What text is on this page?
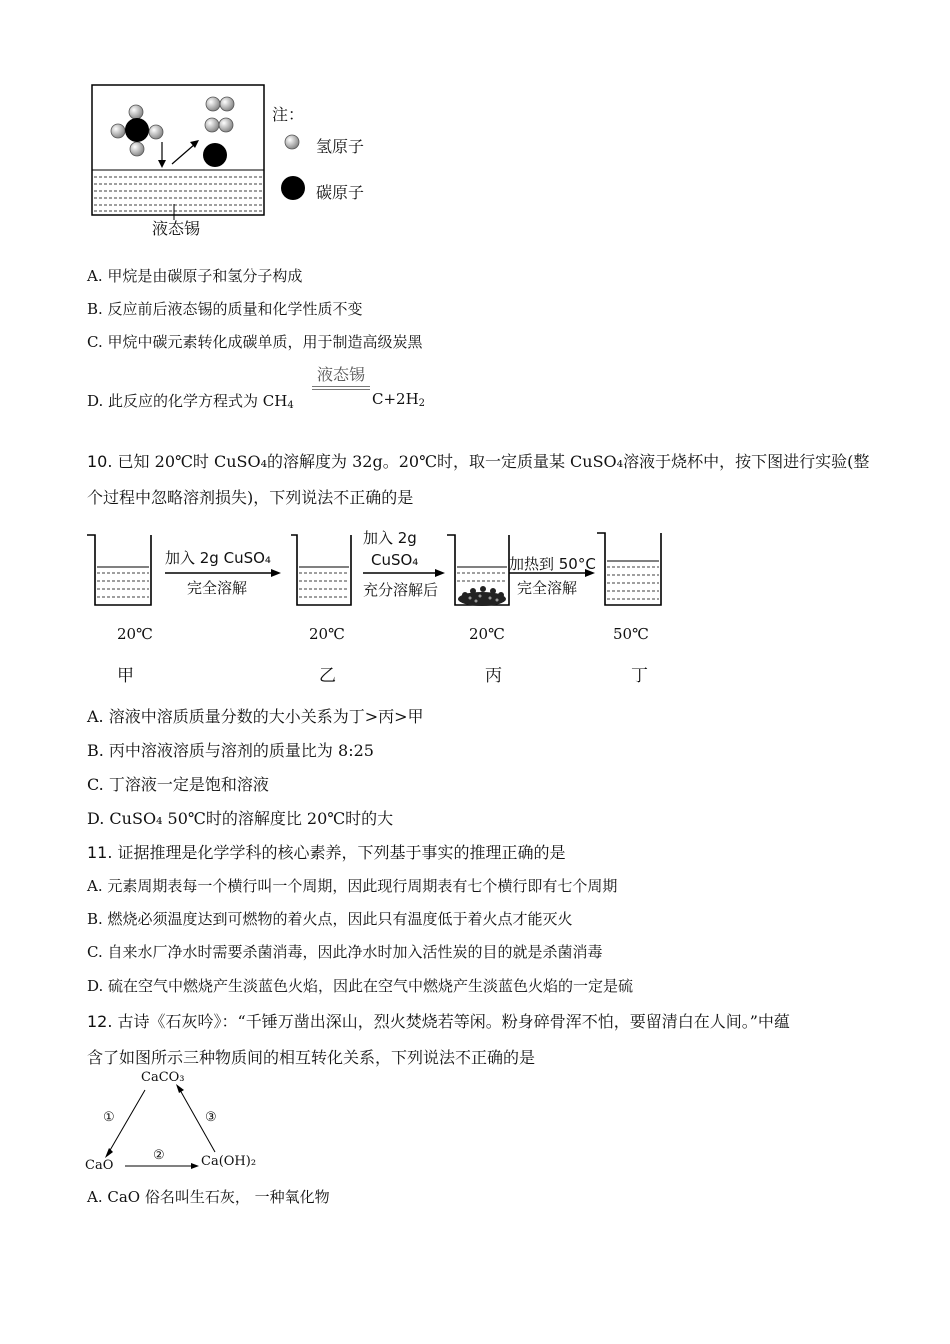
注：
氢原子
碳原子
液态锡
A. 甲烷是由碳原子和氢分子构成
B. 反应前后液态锡的质量和化学性质不变
C. 甲烷中碳元素转化成碳单质，用于制造高级炭黑
D. 此反应的化学方程式为 $CH_4$
液态锡
$C+2H_2$
10. 已知 20℃时 CuSO₄的溶解度为 32g。20℃时，取一定质量某 CuSO₄溶液于烧杯中，按下图进行实验(整
个过程中忽略溶剂损失)，下列说法不正确的是
加入 2g CuSO₄
完全溶解
加入 2g
CuSO₄
充分溶解后
加热到 50°C
完全溶解
20℃	20℃	20℃	50℃
甲	乙	丙	丁
A. 溶液中溶质质量分数的大小关系为丁>丙>甲
B. 丙中溶液溶质与溶剂的质量比为 8:25
C. 丁溶液一定是饱和溶液
D. CuSO₄ 50℃时的溶解度比 20℃时的大
11. 证据推理是化学学科的核心素养，下列基于事实的推理正确的是
A. 元素周期表每一个横行叫一个周期，因此现行周期表有七个横行即有七个周期
B. 燃烧必须温度达到可燃物的着火点，因此只有温度低于着火点才能灭火
C. 自来水厂净水时需要杀菌消毒，因此净水时加入活性炭的目的就是杀菌消毒
D. 硫在空气中燃烧产生淡蓝色火焰，因此在空气中燃烧产生淡蓝色火焰的一定是硫
12. 古诗《石灰吟》：“千锤万凿出深山，烈火焚烧若等闲。粉身碎骨浑不怕，要留清白在人间。”中蕴
含了如图所示三种物质间的相互转化关系，下列说法不正确的是
CaCO₃
CaO	Ca(OH)₂
①
②
③
A. CaO 俗名叫生石灰， 一种氧化物
